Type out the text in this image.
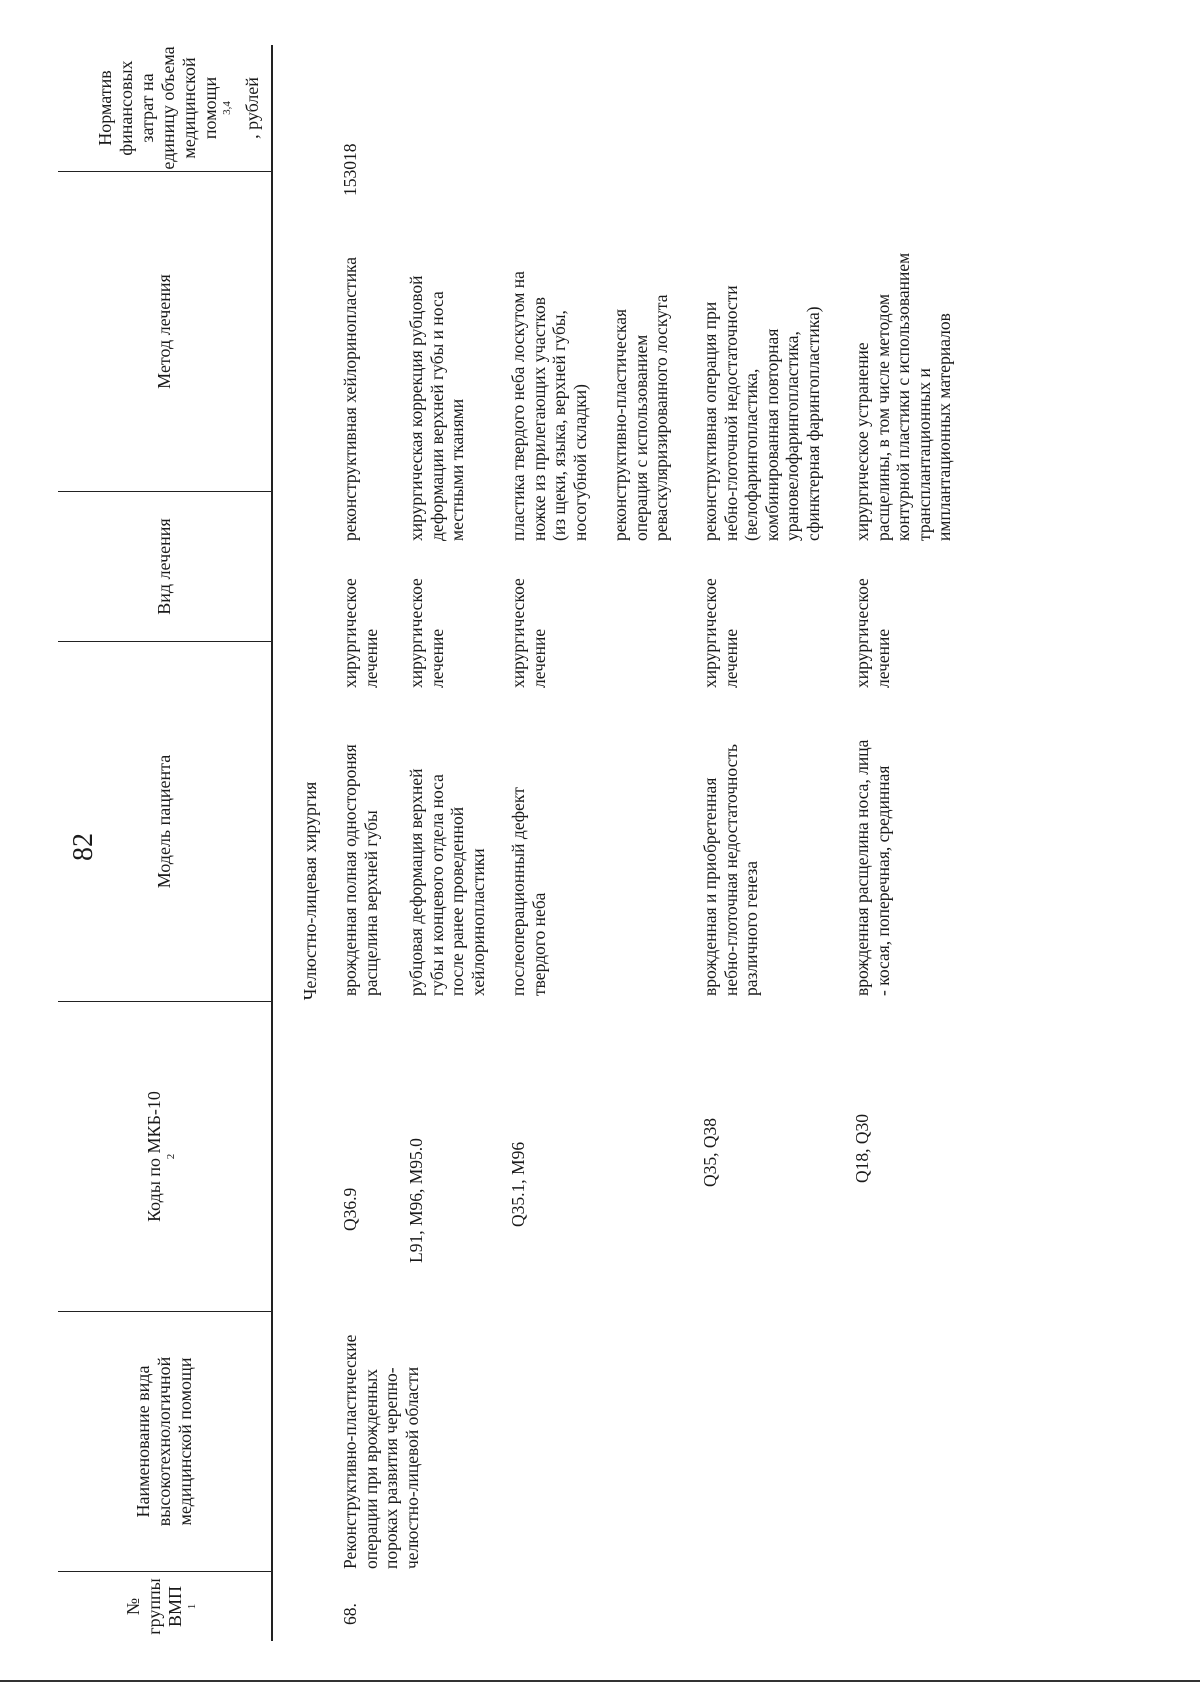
82
№ группы ВМП $^1$
Наименование вида высокотехнологичной медицинской помощи
Коды по МКБ-10 $^2$
Модель пациента
Вид лечения
Метод лечения
Норматив финансовых затрат на единицу объема медицинской помощи $^{3,4}$ , рублей
Челюстно-лицевая хирургия
68.
Реконструктивно-пластические
операции при врожденных
пороках развития черепно-
челюстно-лицевой области
153018
Q36.9
врожденная полная одностороняя
расщелина верхней губы
хирургическое
лечение
реконструктивная хейлоринопластика
L91, M96, M95.0
рубцовая деформация верхней
губы и концевого отдела носа
после ранее проведенной
хейлоринопластики
хирургическое
лечение
хирургическая коррекция рубцовой
деформации верхней губы и носа
местными тканями
Q35.1, M96
послеоперационный дефект
твердого неба
хирургическое
лечение
пластика твердого неба лоскутом на
ножке из прилегающих участков
(из щеки, языка, верхней губы,
носогубной складки) реконструктивно-пластическая
операция с использованием
реваскуляризированного лоскута
Q35, Q38
врожденная и приобретенная
небно-глоточная недостаточность
различного генеза
хирургическое
лечение
реконструктивная операция при
небно-глоточной недостаточности
(велофарингопластика,
комбинированная повторная
урановелофарингопластика,
сфинктерная фарингопластика)
Q18, Q30
врожденная расщелина носа, лица
- косая, поперечная, срединная
хирургическое
лечение
хирургическое устранение
расщелины, в том числе методом
контурной пластики с использованием
трансплантационных и
имплантационных материалов
